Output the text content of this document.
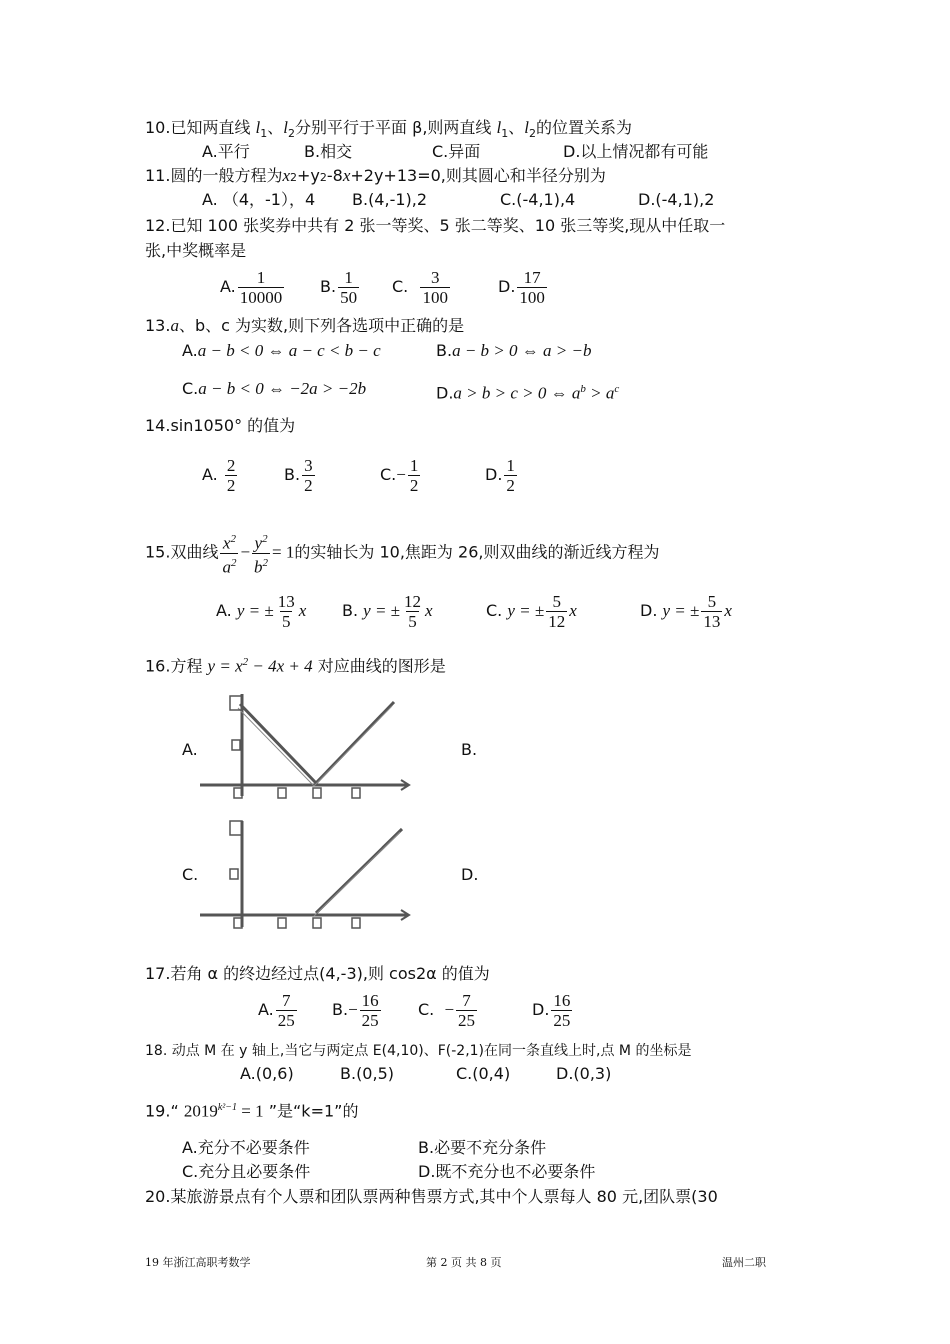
10.已知两直线 $l_1$、$l_2$分别平行于平面 β,则两直线 $l_1$、$l_2$的位置关系为
A.平行	B.相交	C.异面	D.以上情况都有可能
11.圆的一般方程为x2+y2-8x+2y+13=0,则其圆心和半径分别为
A. （4，-1），4 B.(4,-1),2	C.(-4,1),4	D.(-4,1),2
12.已知 100 张奖券中共有 2 张一等奖、5 张二等奖、10 张三等奖,现从中任取一
张,中奖概率是
A. $\frac{1}{10000} B$. $\frac{1}{50} C$. $\frac{3}{100}$	D. $\frac{17}{100}$
13.a、b、c 为实数,则下列各选项中正确的是
A.a − b < 0 ⇔ a − c < b − c	B.a − b > 0 ⇔ a > −b
C.a − b < 0 ⇔ −2a > −2b	D.a > b > c > 0 ⇔ $a^b > a^c$
14.sin1050° 的值为
A. $\frac{2}{2}$	B. $\frac{3}{2}$	$C.- \frac{1}{2}$	D. $\frac{1}{2}$
15.双曲线 $\frac{x^2}{a^2} - \frac{y^2}{b^2} = 1$的实轴长为 10,焦距为 26,则双曲线的渐近线方程为
A. y = ± $\frac{13}{5}$ x B. y = ± $\frac{12}{5}$ x	C. y = ± $\frac{5}{12}$ x	D. y = ± $\frac{5}{13}$ x
16.方程 $y = x^2 - 4x + 4$ 对应曲线的图形是
A.	B.
C.	D.
17.若角 α 的终边经过点(4,-3),则 cos2α 的值为
A. $\frac{7}{25} B.- \frac{16}{25} C$. − $\frac{7}{25}$	D. $\frac{16}{25}$
18. 动点 M 在 y 轴上,当它与两定点 E(4,10)、F(-2,1)在同一条直线上时,点 M 的坐标是
A.(0,6)	B.(0,5)	C.(0,4)	D.(0,3)
19.“ $2019^{k^2-1} = 1$ ”是“k=1”的
A.充分不必要条件	B.必要不充分条件
C.充分且必要条件	D.既不充分也不必要条件
20.某旅游景点有个人票和团队票两种售票方式,其中个人票每人 80 元,团队票(30
19 年浙江高职考数学	第 2 页 共 8 页	温州二职
